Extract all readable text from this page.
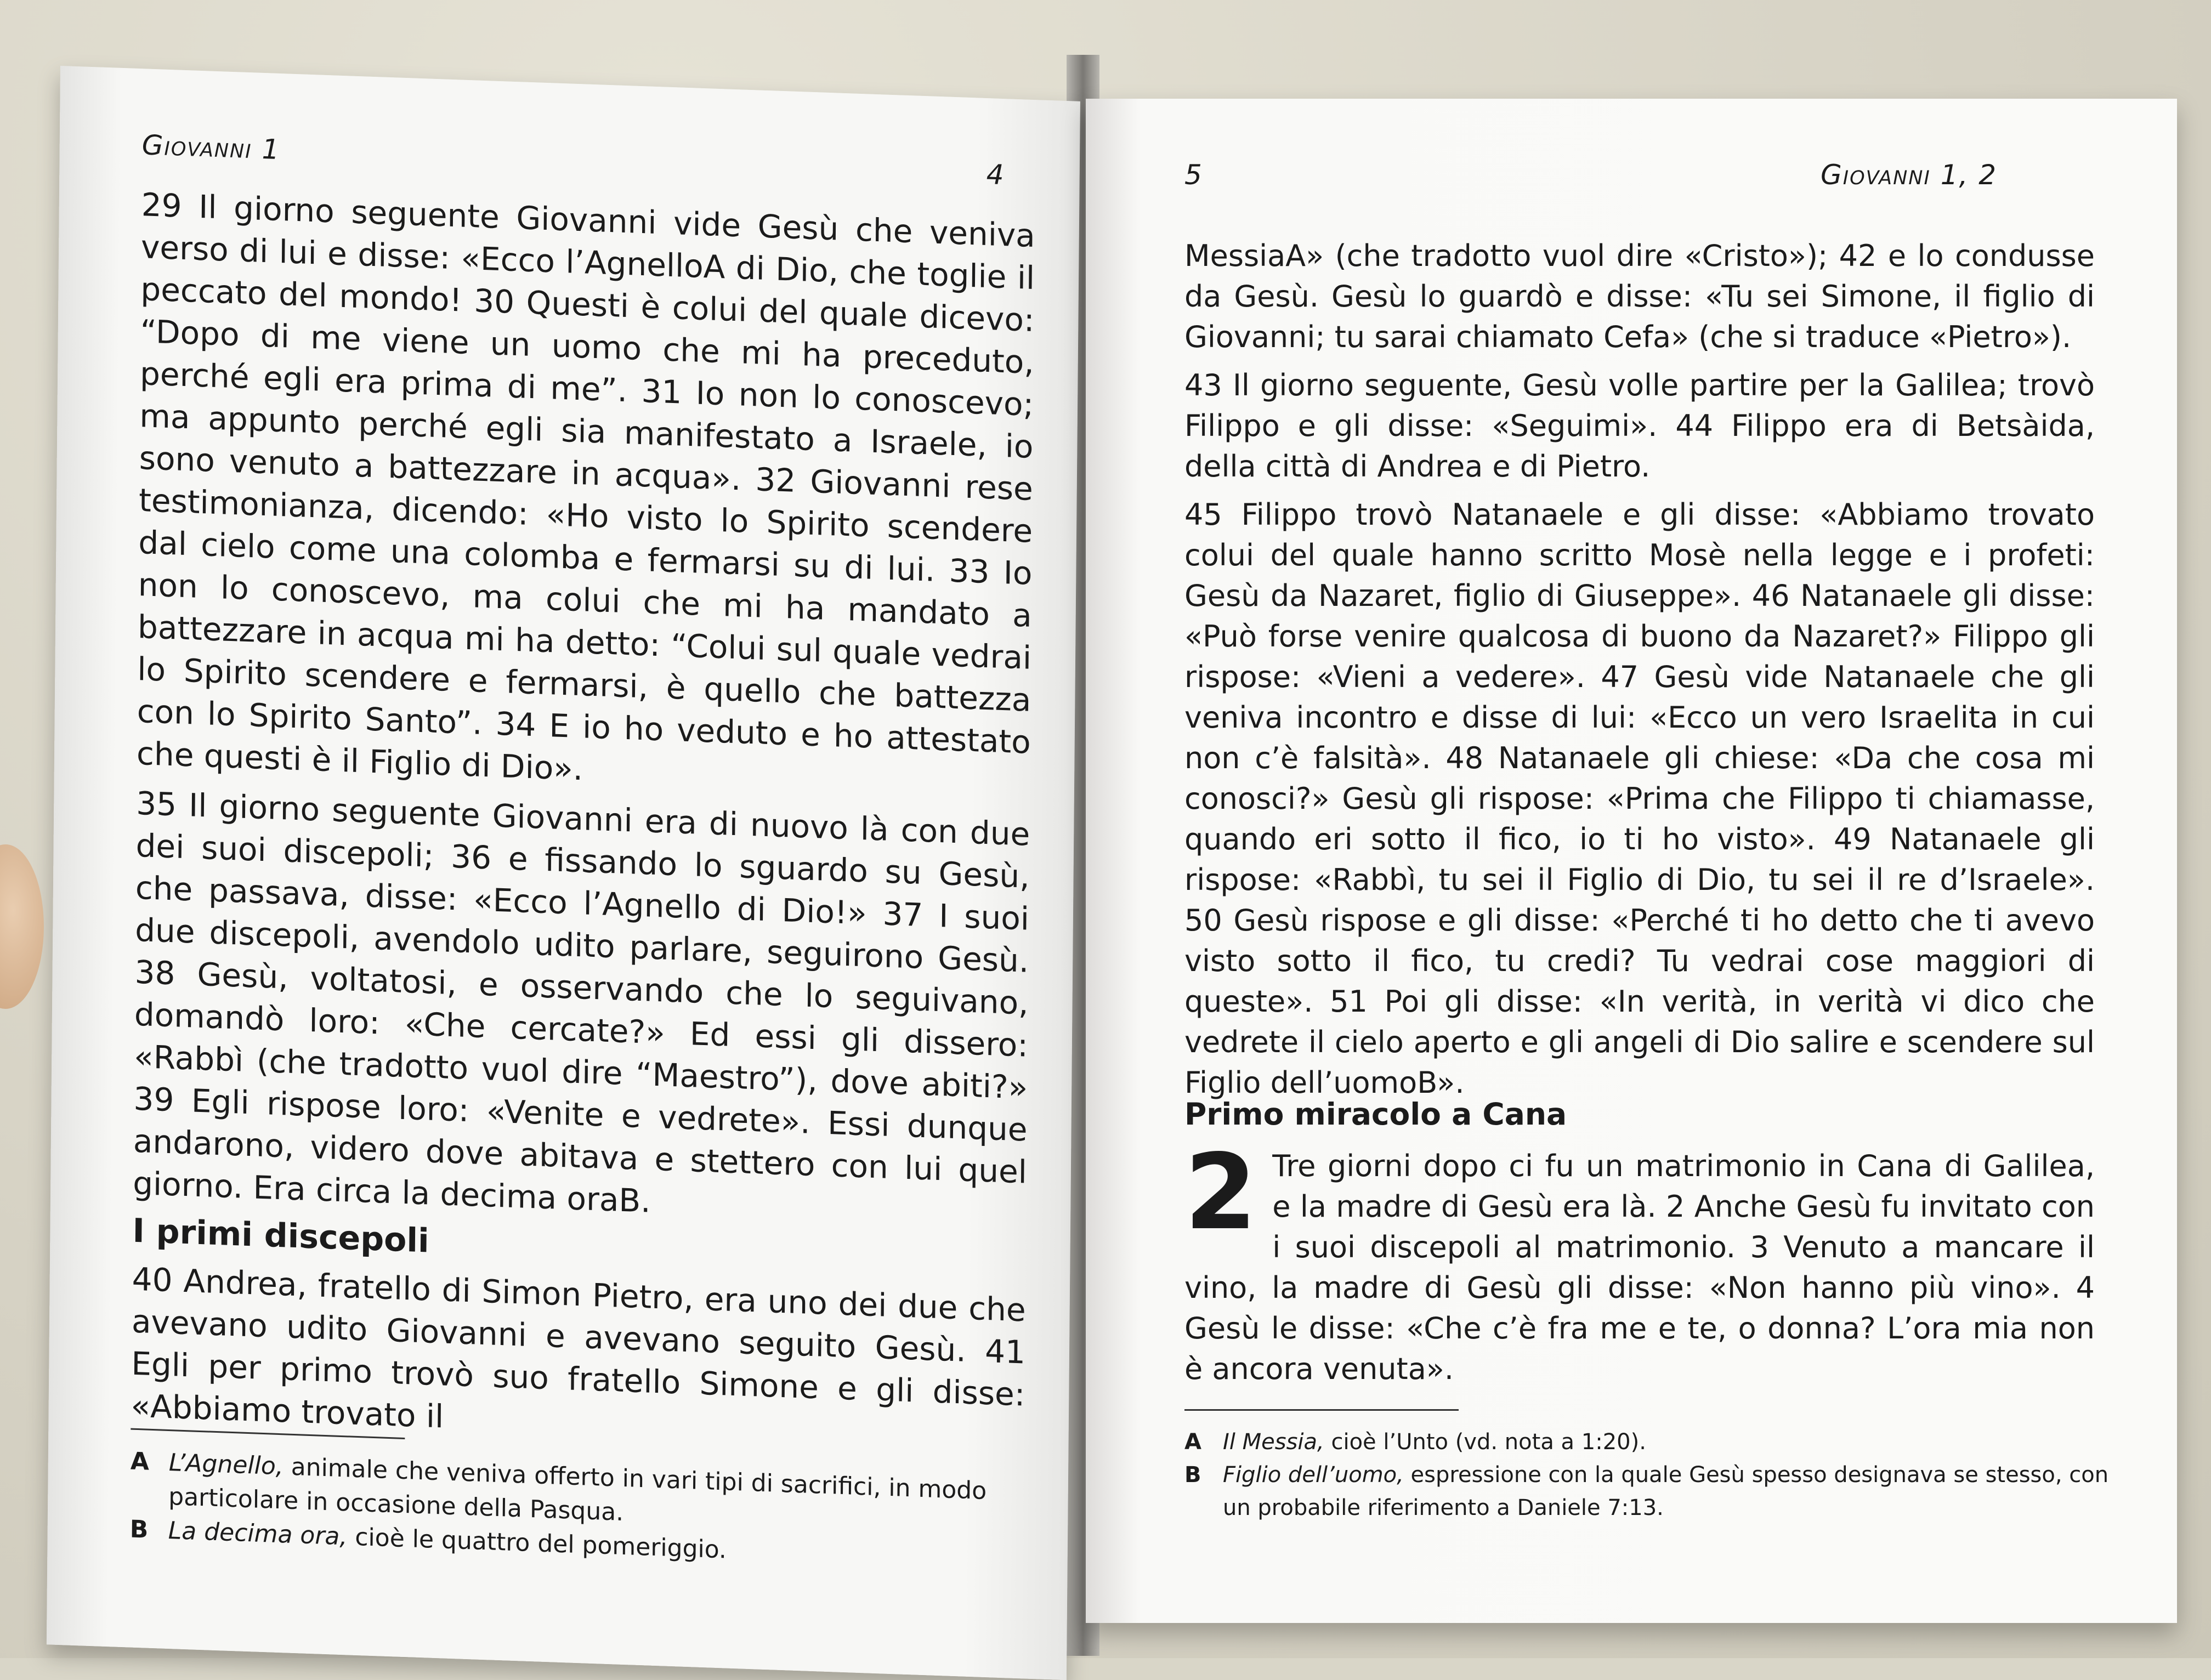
Giovanni 1
4

29 Il giorno seguente Giovanni vide Gesù che veniva verso di lui e disse: «Ecco l’AgnelloA di Dio, che toglie il peccato del mondo! 30 Questi è colui del quale dicevo: “Dopo di me viene un uomo che mi ha preceduto, perché egli era prima di me”. 31 Io non lo conoscevo; ma appunto perché egli sia manifestato a Israele, io sono venuto a battezzare in acqua». 32 Giovanni rese testimonianza, dicendo: «Ho visto lo Spirito scendere dal cielo come una colomba e fermarsi su di lui. 33 Io non lo conoscevo, ma colui che mi ha mandato a battezzare in acqua mi ha detto: “Colui sul quale vedrai lo Spirito scendere e fermarsi, è quello che battezza con lo Spirito Santo”. 34 E io ho veduto e ho attestato che questi è il Figlio di Dio».

35 Il giorno seguente Giovanni era di nuovo là con due dei suoi discepoli; 36 e fissando lo sguardo su Gesù, che passava, disse: «Ecco l’Agnello di Dio!» 37 I suoi due discepoli, avendolo udito parlare, seguirono Gesù. 38 Gesù, voltatosi, e osservando che lo seguivano, domandò loro: «Che cercate?» Ed essi gli dissero: «Rabbì (che tradotto vuol dire “Maestro”), dove abiti?» 39 Egli rispose loro: «Venite e vedrete». Essi dunque andarono, videro dove abitava e stettero con lui quel giorno. Era circa la decima oraB.

I primi discepoli

40 Andrea, fratello di Simon Pietro, era uno dei due che avevano udito Giovanni e avevano seguito Gesù. 41 Egli per primo trovò suo fratello Simone e gli disse: «Abbiamo trovato il

A L’Agnello, animale che veniva offerto in vari tipi di sacrifici, in modo particolare in occasione della Pasqua.

B La decima ora, cioè le quattro del pomeriggio.

5	Giovanni 1, 2

MessiaA» (che tradotto vuol dire «Cristo»); 42 e lo condusse da Gesù. Gesù lo guardò e disse: «Tu sei Simone, il figlio di Giovanni; tu sarai chiamato Cefa» (che si traduce «Pietro»).

43 Il giorno seguente, Gesù volle partire per la Galilea; trovò Filippo e gli disse: «Seguimi». 44 Filippo era di Betsàida, della città di Andrea e di Pietro.

45 Filippo trovò Natanaele e gli disse: «Abbiamo trovato colui del quale hanno scritto Mosè nella legge e i profeti: Gesù da Nazaret, figlio di Giuseppe». 46 Natanaele gli disse: «Può forse venire qualcosa di buono da Nazaret?» Filippo gli rispose: «Vieni a vedere». 47 Gesù vide Natanaele che gli veniva incontro e disse di lui: «Ecco un vero Israelita in cui non c’è falsità». 48 Natanaele gli chiese: «Da che cosa mi conosci?» Gesù gli rispose: «Prima che Filippo ti chiamasse, quando eri sotto il fico, io ti ho visto». 49 Natanaele gli rispose: «Rabbì, tu sei il Figlio di Dio, tu sei il re d’Israele». 50 Gesù rispose e gli disse: «Perché ti ho detto che ti avevo visto sotto il fico, tu credi? Tu vedrai cose maggiori di queste». 51 Poi gli disse: «In verità, in verità vi dico che vedrete il cielo aperto e gli angeli di Dio salire e scendere sul Figlio dell’uomoB».

Primo miracolo a Cana
2 Tre giorni dopo ci fu un matrimonio in Cana di Galilea, e la madre di Gesù era là. 2 Anche Gesù fu invitato con i suoi discepoli al matrimonio. 3 Venuto a mancare il vino, la madre di Gesù gli disse: «Non hanno più vino». 4 Gesù le disse: «Che c’è fra me e te, o donna? L’ora mia non è ancora venuta».

A Il Messia, cioè l’Unto (vd. nota a 1:20).

B Figlio dell’uomo, espressione con la quale Gesù spesso designava se stesso, con un probabile riferimento a Daniele 7:13.
